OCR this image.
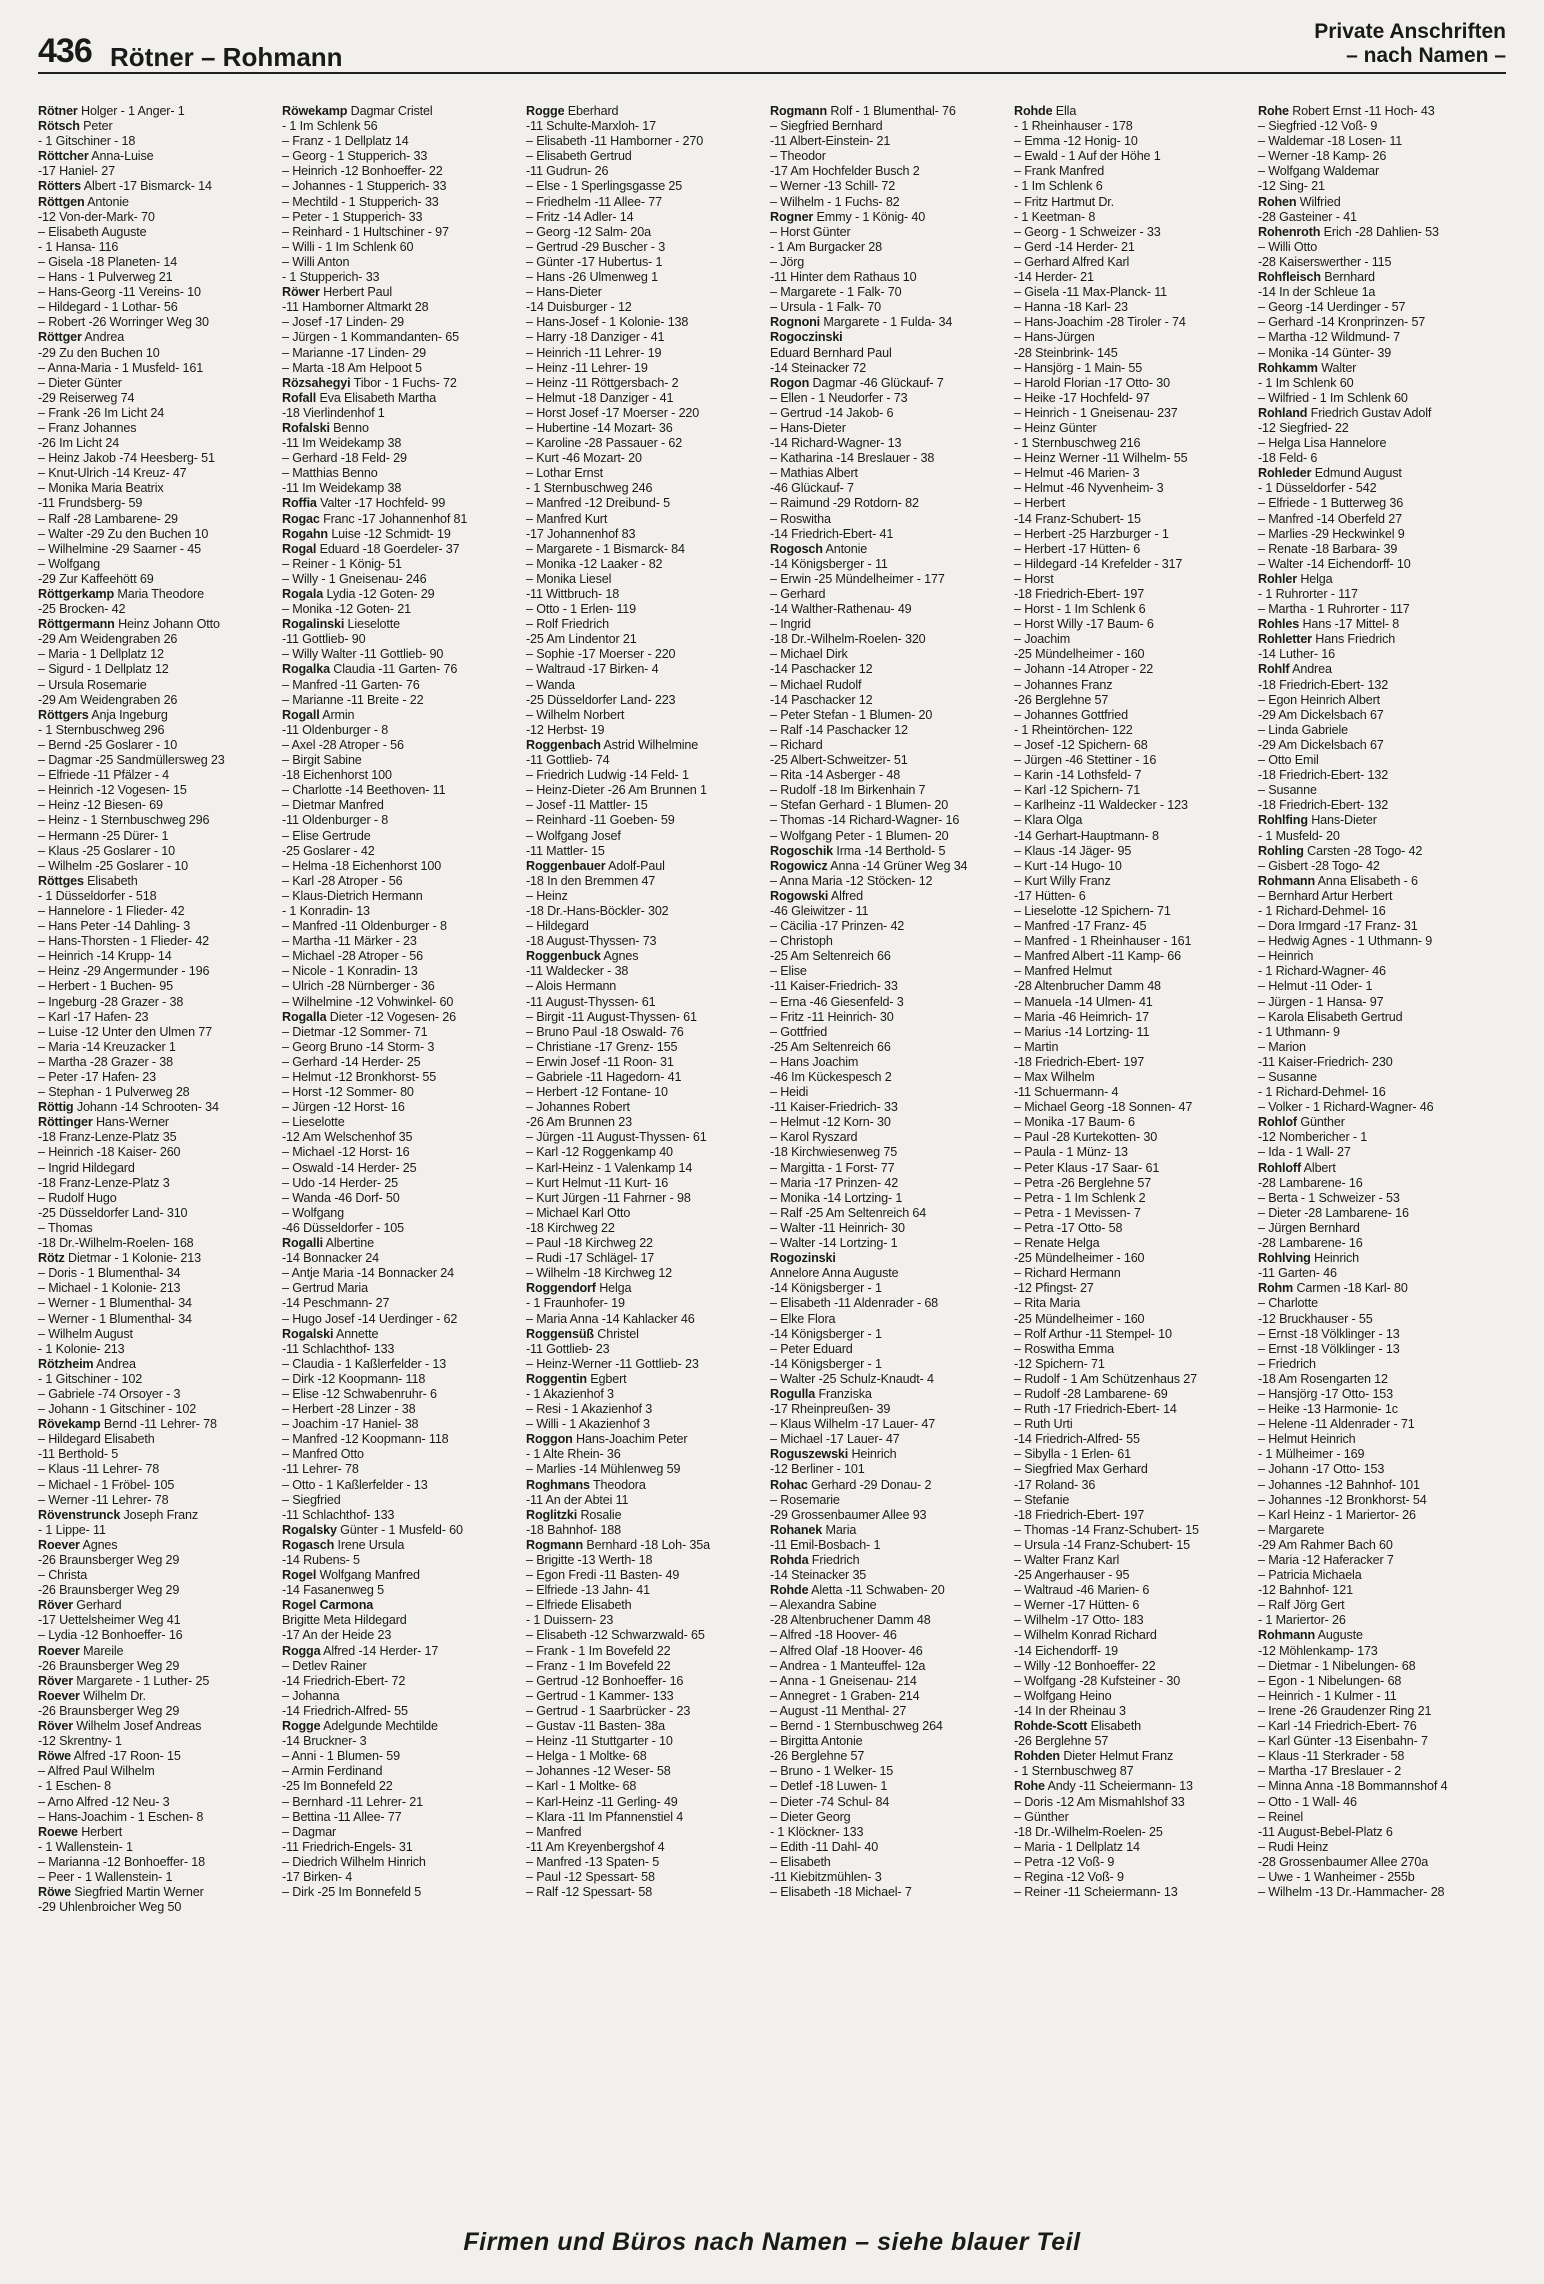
436 Rötner – Rohmann
Private Anschriften
– nach Namen –
Rötner Holger - 1 Anger- 1
Rötsch Peter
- 1 Gitschiner - 18
Röttcher Anna-Luise
-17 Haniel- 27
Rötters Albert -17 Bismarck- 14
Röttgen Antonie
-12 Von-der-Mark- 70
– Elisabeth Auguste
- 1 Hansa- 116
– Gisela -18 Planeten- 14
– Hans - 1 Pulverweg 21
– Hans-Georg -11 Vereins- 10
– Hildegard - 1 Lothar- 56
– Robert -26 Worringer Weg 30
Röttger Andrea
-29 Zu den Buchen 10
– Anna-Maria - 1 Musfeld- 161
– Dieter Günter
-29 Reiserweg 74
– Frank -26 Im Licht 24
– Franz Johannes
-26 Im Licht 24
– Heinz Jakob -74 Heesberg- 51
– Knut-Ulrich -14 Kreuz- 47
– Monika Maria Beatrix
-11 Frundsberg- 59
– Ralf -28 Lambarene- 29
– Walter -29 Zu den Buchen 10
– Wilhelmine -29 Saarner - 45
– Wolfgang
-29 Zur Kaffeehött 69
Röttgerkamp Maria Theodore
-25 Brocken- 42
Röttgermann Heinz Johann Otto
-29 Am Weidengraben 26
– Maria - 1 Dellplatz 12
– Sigurd - 1 Dellplatz 12
– Ursula Rosemarie
-29 Am Weidengraben 26
Röttgers Anja Ingeburg
- 1 Sternbuschweg 296
– Bernd -25 Goslarer - 10
– Dagmar -25 Sandmüllersweg 23
– Elfriede -11 Pfälzer - 4
– Heinrich -12 Vogesen- 15
– Heinz -12 Biesen- 69
– Heinz - 1 Sternbuschweg 296
– Hermann -25 Dürer- 1
– Klaus -25 Goslarer - 10
– Wilhelm -25 Goslarer - 10
Röttges Elisabeth
- 1 Düsseldorfer - 518
– Hannelore - 1 Flieder- 42
– Hans Peter -14 Dahling- 3
– Hans-Thorsten - 1 Flieder- 42
– Heinrich -14 Krupp- 14
– Heinz -29 Angermunder - 196
– Herbert - 1 Buchen- 95
– Ingeburg -28 Grazer - 38
– Karl -17 Hafen- 23
– Luise -12 Unter den Ulmen 77
– Maria -14 Kreuzacker 1
– Martha -28 Grazer - 38
– Peter -17 Hafen- 23
– Stephan - 1 Pulverweg 28
Röttig Johann -14 Schrooten- 34
Röttinger Hans-Werner
-18 Franz-Lenze-Platz 35
– Heinrich -18 Kaiser- 260
– Ingrid Hildegard
-18 Franz-Lenze-Platz 3
– Rudolf Hugo
-25 Düsseldorfer Land- 310
– Thomas
-18 Dr.-Wilhelm-Roelen- 168
Rötz Dietmar - 1 Kolonie- 213
– Doris - 1 Blumenthal- 34
– Michael - 1 Kolonie- 213
– Werner - 1 Blumenthal- 34
– Werner - 1 Blumenthal- 34
– Wilhelm August
- 1 Kolonie- 213
Rötzheim Andrea
- 1 Gitschiner - 102
– Gabriele -74 Orsoyer - 3
– Johann - 1 Gitschiner - 102
Rövekamp Bernd -11 Lehrer- 78
– Hildegard Elisabeth
-11 Berthold- 5
– Klaus -11 Lehrer- 78
– Michael - 1 Fröbel- 105
– Werner -11 Lehrer- 78
Rövenstrunck Joseph Franz
- 1 Lippe- 11
Roever Agnes
-26 Braunsberger Weg 29
– Christa
-26 Braunsberger Weg 29
Röver Gerhard
-17 Uettelsheimer Weg 41
– Lydia -12 Bonhoeffer- 16
Roever Mareile
-26 Braunsberger Weg 29
Röver Margarete - 1 Luther- 25
Roever Wilhelm Dr.
-26 Braunsberger Weg 29
Röver Wilhelm Josef Andreas
-12 Skrentny- 1
Röwe Alfred -17 Roon- 15
– Alfred Paul Wilhelm
- 1 Eschen- 8
– Arno Alfred -12 Neu- 3
– Hans-Joachim - 1 Eschen- 8
Roewe Herbert
- 1 Wallenstein- 1
– Marianna -12 Bonhoeffer- 18
– Peer - 1 Wallenstein- 1
Röwe Siegfried Martin Werner
-29 Uhlenbroicher Weg 50
Röwekamp Dagmar Cristel
- 1 Im Schlenk 56
– Franz - 1 Dellplatz 14
– Georg - 1 Stupperich- 33
– Heinrich -12 Bonhoeffer- 22
– Johannes - 1 Stupperich- 33
– Mechtild - 1 Stupperich- 33
– Peter - 1 Stupperich- 33
– Reinhard - 1 Hultschiner - 97
– Willi - 1 Im Schlenk 60
– Willi Anton
- 1 Stupperich- 33
Röwer Herbert Paul
-11 Hamborner Altmarkt 28
– Josef -17 Linden- 29
– Jürgen - 1 Kommandanten- 65
– Marianne -17 Linden- 29
– Marta -18 Am Helpoot 5
Rözsahegyi Tibor - 1 Fuchs- 72
Rofall Eva Elisabeth Martha
-18 Vierlindenhof 1
Rofalski Benno
-11 Im Weidekamp 38
– Gerhard -18 Feld- 29
– Matthias Benno
-11 Im Weidekamp 38
Roffia Valter -17 Hochfeld- 99
Rogac Franc -17 Johannenhof 81
Rogahn Luise -12 Schmidt- 19
Rogal Eduard -18 Goerdeler- 37
– Reiner - 1 König- 51
– Willy - 1 Gneisenau- 246
Rogala Lydia -12 Goten- 29
– Monika -12 Goten- 21
Rogalinski Lieselotte
-11 Gottlieb- 90
– Willy Walter -11 Gottlieb- 90
Rogalka Claudia -11 Garten- 76
– Manfred -11 Garten- 76
– Marianne -11 Breite - 22
Rogall Armin
-11 Oldenburger - 8
– Axel -28 Atroper - 56
– Birgit Sabine
-18 Eichenhorst 100
– Charlotte -14 Beethoven- 11
– Dietmar Manfred
-11 Oldenburger - 8
– Elise Gertrude
-25 Goslarer - 42
– Helma -18 Eichenhorst 100
– Karl -28 Atroper - 56
– Klaus-Dietrich Hermann
- 1 Konradin- 13
– Manfred -11 Oldenburger - 8
– Martha -11 Märker - 23
– Michael -28 Atroper - 56
– Nicole - 1 Konradin- 13
– Ulrich -28 Nürnberger - 36
– Wilhelmine -12 Vohwinkel- 60
Rogalla Dieter -12 Vogesen- 26
– Dietmar -12 Sommer- 71
– Georg Bruno -14 Storm- 3
– Gerhard -14 Herder- 25
– Helmut -12 Bronkhorst- 55
– Horst -12 Sommer- 80
– Jürgen -12 Horst- 16
– Lieselotte
-12 Am Welschenhof 35
– Michael -12 Horst- 16
– Oswald -14 Herder- 25
– Udo -14 Herder- 25
– Wanda -46 Dorf- 50
– Wolfgang
-46 Düsseldorfer - 105
Rogalli Albertine
-14 Bonnacker 24
– Antje Maria -14 Bonnacker 24
– Gertrud Maria
-14 Peschmann- 27
– Hugo Josef -14 Uerdinger - 62
Rogalski Annette
-11 Schlachthof- 133
– Claudia - 1 Kaßlerfelder - 13
– Dirk -12 Koopmann- 118
– Elise -12 Schwabenruhr- 6
– Herbert -28 Linzer - 38
– Joachim -17 Haniel- 38
– Manfred -12 Koopmann- 118
– Manfred Otto
-11 Lehrer- 78
– Otto - 1 Kaßlerfelder - 13
– Siegfried
-11 Schlachthof- 133
Rogalsky Günter - 1 Musfeld- 60
Rogasch Irene Ursula
-14 Rubens- 5
Rogel Wolfgang Manfred
-14 Fasanenweg 5
Rogel Carmona
Brigitte Meta Hildegard
-17 An der Heide 23
Rogga Alfred -14 Herder- 17
– Detlev Rainer
-14 Friedrich-Ebert- 72
– Johanna
-14 Friedrich-Alfred- 55
Rogge Adelgunde Mechtilde
-14 Bruckner- 3
– Anni - 1 Blumen- 59
– Armin Ferdinand
-25 Im Bonnefeld 22
– Bernhard -11 Lehrer- 21
– Bettina -11 Allee- 77
– Dagmar
-11 Friedrich-Engels- 31
– Diedrich Wilhelm Hinrich
-17 Birken- 4
– Dirk -25 Im Bonnefeld 5
Rogge Eberhard
-11 Schulte-Marxloh- 17
– Elisabeth -11 Hamborner - 270
– Elisabeth Gertrud
-11 Gudrun- 26
– Else - 1 Sperlingsgasse 25
– Friedhelm -11 Allee- 77
– Fritz -14 Adler- 14
– Georg -12 Salm- 20a
– Gertrud -29 Buscher - 3
– Günter -17 Hubertus- 1
– Hans -26 Ulmenweg 1
– Hans-Dieter
-14 Duisburger - 12
– Hans-Josef - 1 Kolonie- 138
– Harry -18 Danziger - 41
– Heinrich -11 Lehrer- 19
– Heinz -11 Lehrer- 19
– Heinz -11 Röttgersbach- 2
– Helmut -18 Danziger - 41
– Horst Josef -17 Moerser - 220
– Hubertine -14 Mozart- 36
– Karoline -28 Passauer - 62
– Kurt -46 Mozart- 20
– Lothar Ernst
- 1 Sternbuschweg 246
– Manfred -12 Dreibund- 5
– Manfred Kurt
-17 Johannenhof 83
– Margarete - 1 Bismarck- 84
– Monika -12 Laaker - 82
– Monika Liesel
-11 Wittbruch- 18
– Otto - 1 Erlen- 119
– Rolf Friedrich
-25 Am Lindentor 21
– Sophie -17 Moerser - 220
– Waltraud -17 Birken- 4
– Wanda
-25 Düsseldorfer Land- 223
– Wilhelm Norbert
-12 Herbst- 19
Roggenbach Astrid Wilhelmine
-11 Gottlieb- 74
– Friedrich Ludwig -14 Feld- 1
– Heinz-Dieter -26 Am Brunnen 1
– Josef -11 Mattler- 15
– Reinhard -11 Goeben- 59
– Wolfgang Josef
-11 Mattler- 15
Roggenbauer Adolf-Paul
-18 In den Bremmen 47
– Heinz
-18 Dr.-Hans-Böckler- 302
– Hildegard
-18 August-Thyssen- 73
Roggenbuck Agnes
-11 Waldecker - 38
– Alois Hermann
-11 August-Thyssen- 61
– Birgit -11 August-Thyssen- 61
– Bruno Paul -18 Oswald- 76
– Christiane -17 Grenz- 155
– Erwin Josef -11 Roon- 31
– Gabriele -11 Hagedorn- 41
– Herbert -12 Fontane- 10
– Johannes Robert
-26 Am Brunnen 23
– Jürgen -11 August-Thyssen- 61
– Karl -12 Roggenkamp 40
– Karl-Heinz - 1 Valenkamp 14
– Kurt Helmut -11 Kurt- 16
– Kurt Jürgen -11 Fahrner - 98
– Michael Karl Otto
-18 Kirchweg 22
– Paul -18 Kirchweg 22
– Rudi -17 Schlägel- 17
– Wilhelm -18 Kirchweg 12
Roggendorf Helga
- 1 Fraunhofer- 19
– Maria Anna -14 Kahlacker 46
Roggensüß Christel
-11 Gottlieb- 23
– Heinz-Werner -11 Gottlieb- 23
Roggentin Egbert
- 1 Akazienhof 3
– Resi - 1 Akazienhof 3
– Willi - 1 Akazienhof 3
Roggon Hans-Joachim Peter
- 1 Alte Rhein- 36
– Marlies -14 Mühlenweg 59
Roghmans Theodora
-11 An der Abtei 11
Roglitzki Rosalie
-18 Bahnhof- 188
Rogmann Bernhard -18 Loh- 35a
– Brigitte -13 Werth- 18
– Egon Fredi -11 Basten- 49
– Elfriede -13 Jahn- 41
– Elfriede Elisabeth
- 1 Duissern- 23
– Elisabeth -12 Schwarzwald- 65
– Frank - 1 Im Bovefeld 22
– Franz - 1 Im Bovefeld 22
– Gertrud -12 Bonhoeffer- 16
– Gertrud - 1 Kammer- 133
– Gertrud - 1 Saarbrücker - 23
– Gustav -11 Basten- 38a
– Heinz -11 Stuttgarter - 10
– Helga - 1 Moltke- 68
– Johannes -12 Weser- 58
– Karl - 1 Moltke- 68
– Karl-Heinz -11 Gerling- 49
– Klara -11 Im Pfannenstiel 4
– Manfred
-11 Am Kreyenbergshof 4
– Manfred -13 Spaten- 5
– Paul -12 Spessart- 58
– Ralf -12 Spessart- 58
Rogmann Rolf - 1 Blumenthal- 76
– Siegfried Bernhard
-11 Albert-Einstein- 21
– Theodor
-17 Am Hochfelder Busch 2
– Werner -13 Schill- 72
– Wilhelm - 1 Fuchs- 82
Rogner Emmy - 1 König- 40
– Horst Günter
- 1 Am Burgacker 28
– Jörg
-11 Hinter dem Rathaus 10
– Margarete - 1 Falk- 70
– Ursula - 1 Falk- 70
Rognoni Margarete - 1 Fulda- 34
Rogoczinski
Eduard Bernhard Paul
-14 Steinacker 72
Rogon Dagmar -46 Glückauf- 7
– Ellen - 1 Neudorfer - 73
– Gertrud -14 Jakob- 6
– Hans-Dieter
-14 Richard-Wagner- 13
– Katharina -14 Breslauer - 38
– Mathias Albert
-46 Glückauf- 7
– Raimund -29 Rotdorn- 82
– Roswitha
-14 Friedrich-Ebert- 41
Rogosch Antonie
-14 Königsberger - 11
– Erwin -25 Mündelheimer - 177
– Gerhard
-14 Walther-Rathenau- 49
– Ingrid
-18 Dr.-Wilhelm-Roelen- 320
– Michael Dirk
-14 Paschacker 12
– Michael Rudolf
-14 Paschacker 12
– Peter Stefan - 1 Blumen- 20
– Ralf -14 Paschacker 12
– Richard
-25 Albert-Schweitzer- 51
– Rita -14 Asberger - 48
– Rudolf -18 Im Birkenhain 7
– Stefan Gerhard - 1 Blumen- 20
– Thomas -14 Richard-Wagner- 16
– Wolfgang Peter - 1 Blumen- 20
Rogoschik Irma -14 Berthold- 5
Rogowicz Anna -14 Grüner Weg 34
– Anna Maria -12 Stöcken- 12
Rogowski Alfred
-46 Gleiwitzer - 11
– Cäcilia -17 Prinzen- 42
– Christoph
-25 Am Seltenreich 66
– Elise
-11 Kaiser-Friedrich- 33
– Erna -46 Giesenfeld- 3
– Fritz -11 Heinrich- 30
– Gottfried
-25 Am Seltenreich 66
– Hans Joachim
-46 Im Kückespesch 2
– Heidi
-11 Kaiser-Friedrich- 33
– Helmut -12 Korn- 30
– Karol Ryszard
-18 Kirchwiesenweg 75
– Margitta - 1 Forst- 77
– Maria -17 Prinzen- 42
– Monika -14 Lortzing- 1
– Ralf -25 Am Seltenreich 64
– Walter -11 Heinrich- 30
– Walter -14 Lortzing- 1
Rogozinski
Annelore Anna Auguste
-14 Königsberger - 1
– Elisabeth -11 Aldenrader - 68
– Elke Flora
-14 Königsberger - 1
– Peter Eduard
-14 Königsberger - 1
– Walter -25 Schulz-Knaudt- 4
Rogulla Franziska
-17 Rheinpreußen- 39
– Klaus Wilhelm -17 Lauer- 47
– Michael -17 Lauer- 47
Roguszewski Heinrich
-12 Berliner - 101
Rohac Gerhard -29 Donau- 2
– Rosemarie
-29 Grossenbaumer Allee 93
Rohanek Maria
-11 Emil-Bosbach- 1
Rohda Friedrich
-14 Steinacker 35
Rohde Aletta -11 Schwaben- 20
– Alexandra Sabine
-28 Altenbruchener Damm 48
– Alfred -18 Hoover- 46
– Alfred Olaf -18 Hoover- 46
– Andrea - 1 Manteuffel- 12a
– Anna - 1 Gneisenau- 214
– Annegret - 1 Graben- 214
– August -11 Menthal- 27
– Bernd - 1 Sternbuschweg 264
– Birgitta Antonie
-26 Berglehne 57
– Bruno - 1 Welker- 15
– Detlef -18 Luwen- 1
– Dieter -74 Schul- 84
– Dieter Georg
- 1 Klöckner- 133
– Edith -11 Dahl- 40
– Elisabeth
-11 Kiebitzmühlen- 3
– Elisabeth -18 Michael- 7
Rohde Ella
- 1 Rheinhauser - 178
– Emma -12 Honig- 10
– Ewald - 1 Auf der Höhe 1
– Frank Manfred
- 1 Im Schlenk 6
– Fritz Hartmut Dr.
- 1 Keetman- 8
– Georg - 1 Schweizer - 33
– Gerd -14 Herder- 21
– Gerhard Alfred Karl
-14 Herder- 21
– Gisela -11 Max-Planck- 11
– Hanna -18 Karl- 23
– Hans-Joachim -28 Tiroler - 74
– Hans-Jürgen
-28 Steinbrink- 145
– Hansjörg - 1 Main- 55
– Harold Florian -17 Otto- 30
– Heike -17 Hochfeld- 97
– Heinrich - 1 Gneisenau- 237
– Heinz Günter
- 1 Sternbuschweg 216
– Heinz Werner -11 Wilhelm- 55
– Helmut -46 Marien- 3
– Helmut -46 Nyvenheim- 3
– Herbert
-14 Franz-Schubert- 15
– Herbert -25 Harzburger - 1
– Herbert -17 Hütten- 6
– Hildegard -14 Krefelder - 317
– Horst
-18 Friedrich-Ebert- 197
– Horst - 1 Im Schlenk 6
– Horst Willy -17 Baum- 6
– Joachim
-25 Mündelheimer - 160
– Johann -14 Atroper - 22
– Johannes Franz
-26 Berglehne 57
– Johannes Gottfried
- 1 Rheintörchen- 122
– Josef -12 Spichern- 68
– Jürgen -46 Stettiner - 16
– Karin -14 Lothsfeld- 7
– Karl -12 Spichern- 71
– Karlheinz -11 Waldecker - 123
– Klara Olga
-14 Gerhart-Hauptmann- 8
– Klaus -14 Jäger- 95
– Kurt -14 Hugo- 10
– Kurt Willy Franz
-17 Hütten- 6
– Lieselotte -12 Spichern- 71
– Manfred -17 Franz- 45
– Manfred - 1 Rheinhauser - 161
– Manfred Albert -11 Kamp- 66
– Manfred Helmut
-28 Altenbrucher Damm 48
– Manuela -14 Ulmen- 41
– Maria -46 Heimrich- 17
– Marius -14 Lortzing- 11
– Martin
-18 Friedrich-Ebert- 197
– Max Wilhelm
-11 Schuermann- 4
– Michael Georg -18 Sonnen- 47
– Monika -17 Baum- 6
– Paul -28 Kurtekotten- 30
– Paula - 1 Münz- 13
– Peter Klaus -17 Saar- 61
– Petra -26 Berglehne 57
– Petra - 1 Im Schlenk 2
– Petra - 1 Mevissen- 7
– Petra -17 Otto- 58
– Renate Helga
-25 Mündelheimer - 160
– Richard Hermann
-12 Pfingst- 27
– Rita Maria
-25 Mündelheimer - 160
– Rolf Arthur -11 Stempel- 10
– Roswitha Emma
-12 Spichern- 71
– Rudolf - 1 Am Schützenhaus 27
– Rudolf -28 Lambarene- 69
– Ruth -17 Friedrich-Ebert- 14
– Ruth Urti
-14 Friedrich-Alfred- 55
– Sibylla - 1 Erlen- 61
– Siegfried Max Gerhard
-17 Roland- 36
– Stefanie
-18 Friedrich-Ebert- 197
– Thomas -14 Franz-Schubert- 15
– Ursula -14 Franz-Schubert- 15
– Walter Franz Karl
-25 Angerhauser - 95
– Waltraud -46 Marien- 6
– Werner -17 Hütten- 6
– Wilhelm -17 Otto- 183
– Wilhelm Konrad Richard
-14 Eichendorff- 19
– Willy -12 Bonhoeffer- 22
– Wolfgang -28 Kufsteiner - 30
– Wolfgang Heino
-14 In der Rheinau 3
Rohde-Scott Elisabeth
-26 Berglehne 57
Rohden Dieter Helmut Franz
- 1 Sternbuschweg 87
Rohe Andy -11 Scheiermann- 13
– Doris -12 Am Mismahlshof 33
– Günther
-18 Dr.-Wilhelm-Roelen- 25
– Maria - 1 Dellplatz 14
– Petra -12 Voß- 9
– Regina -12 Voß- 9
– Reiner -11 Scheiermann- 13
Rohe Robert Ernst -11 Hoch- 43
– Siegfried -12 Voß- 9
– Waldemar -18 Losen- 11
– Werner -18 Kamp- 26
– Wolfgang Waldemar
-12 Sing- 21
Rohen Wilfried
-28 Gasteiner - 41
Rohenroth Erich -28 Dahlien- 53
– Willi Otto
-28 Kaiserswerther - 115
Rohfleisch Bernhard
-14 In der Schleue 1a
– Georg -14 Uerdinger - 57
– Gerhard -14 Kronprinzen- 57
– Martha -12 Wildmund- 7
– Monika -14 Günter- 39
Rohkamm Walter
- 1 Im Schlenk 60
– Wilfried - 1 Im Schlenk 60
Rohland Friedrich Gustav Adolf
-12 Siegfried- 22
– Helga Lisa Hannelore
-18 Feld- 6
Rohleder Edmund August
- 1 Düsseldorfer - 542
– Elfriede - 1 Butterweg 36
– Manfred -14 Oberfeld 27
– Marlies -29 Heckwinkel 9
– Renate -18 Barbara- 39
– Walter -14 Eichendorff- 10
Rohler Helga
- 1 Ruhrorter - 117
– Martha - 1 Ruhrorter - 117
Rohles Hans -17 Mittel- 8
Rohletter Hans Friedrich
-14 Luther- 16
Rohlf Andrea
-18 Friedrich-Ebert- 132
– Egon Heinrich Albert
-29 Am Dickelsbach 67
– Linda Gabriele
-29 Am Dickelsbach 67
– Otto Emil
-18 Friedrich-Ebert- 132
– Susanne
-18 Friedrich-Ebert- 132
Rohlfing Hans-Dieter
- 1 Musfeld- 20
Rohling Carsten -28 Togo- 42
– Gisbert -28 Togo- 42
Rohmann Anna Elisabeth - 6
– Bernhard Artur Herbert
- 1 Richard-Dehmel- 16
– Dora Irmgard -17 Franz- 31
– Hedwig Agnes - 1 Uthmann- 9
– Heinrich
- 1 Richard-Wagner- 46
– Helmut -11 Oder- 1
– Jürgen - 1 Hansa- 97
– Karola Elisabeth Gertrud
- 1 Uthmann- 9
– Marion
-11 Kaiser-Friedrich- 230
– Susanne
- 1 Richard-Dehmel- 16
– Volker - 1 Richard-Wagner- 46
Rohlof Günther
-12 Nombericher - 1
– Ida - 1 Wall- 27
Rohloff Albert
-28 Lambarene- 16
– Berta - 1 Schweizer - 53
– Dieter -28 Lambarene- 16
– Jürgen Bernhard
-28 Lambarene- 16
Rohlving Heinrich
-11 Garten- 46
Rohm Carmen -18 Karl- 80
– Charlotte
-12 Bruckhauser - 55
– Ernst -18 Völklinger - 13
– Ernst -18 Völklinger - 13
– Friedrich
-18 Am Rosengarten 12
– Hansjörg -17 Otto- 153
– Heike -13 Harmonie- 1c
– Helene -11 Aldenrader - 71
– Helmut Heinrich
- 1 Mülheimer - 169
– Johann -17 Otto- 153
– Johannes -12 Bahnhof- 101
– Johannes -12 Bronkhorst- 54
– Karl Heinz - 1 Mariertor- 26
– Margarete
-29 Am Rahmer Bach 60
– Maria -12 Haferacker 7
– Patricia Michaela
-12 Bahnhof- 121
– Ralf Jörg Gert
- 1 Mariertor- 26
Rohmann Auguste
-12 Möhlenkamp- 173
– Dietmar - 1 Nibelungen- 68
– Egon - 1 Nibelungen- 68
– Heinrich - 1 Kulmer - 11
– Irene -26 Graudenzer Ring 21
– Karl -14 Friedrich-Ebert- 76
– Karl Günter -13 Eisenbahn- 7
– Klaus -11 Sterkrader - 58
– Martha -17 Breslauer - 2
– Minna Anna -18 Bommannshof 4
– Otto - 1 Wall- 46
– Reinel
-11 August-Bebel-Platz 6
– Rudi Heinz
-28 Grossenbaumer Allee 270a
– Uwe - 1 Wanheimer - 255b
– Wilhelm -13 Dr.-Hammacher- 28
Firmen und Büros nach Namen – siehe blauer Teil
